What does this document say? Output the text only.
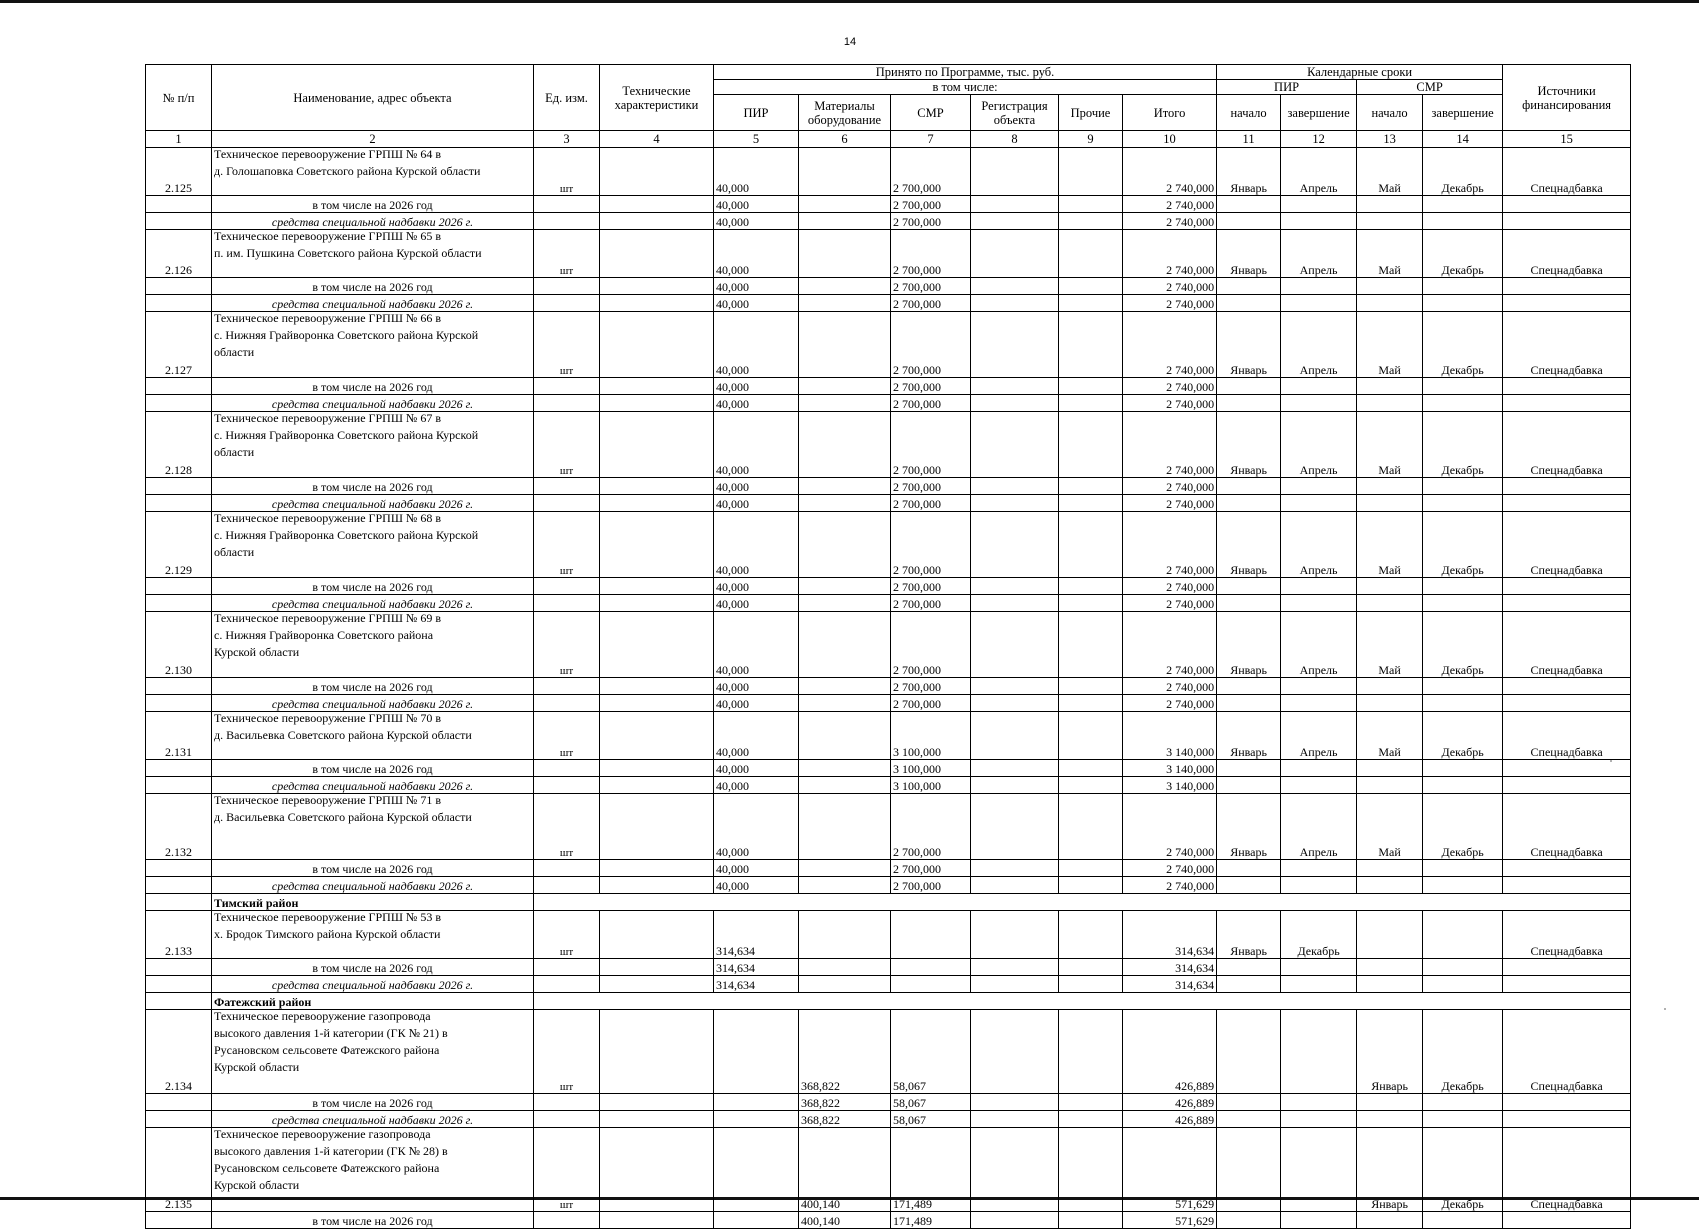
14
№ п/п	Наименование, адрес объекта	Ед. изм.	Технические характеристики	Принято по Программе, тыс. руб.						Календарные сроки				Источники финансирования
				в том числе:						ПИР		СМР		
				ПИР	Материалы оборудование	СМР	Регистрация объекта	Прочие	Итого	начало	завершение	начало	завершение	

1	2	3	4	5	6	7	8	9	10	11	12	13	14	15
2.125	Техническое перевооружение ГРПШ № 64 в
д. Голошаповка Советского района Курской области	шт		40,000		2 700,000			2 740,000	Январь	Апрель	Май	Декабрь	Спецнадбавка
	в том числе на 2026 год			40,000		2 700,000			2 740,000					
	средства специальной надбавки 2026 г.			40,000		2 700,000			2 740,000					
2.126	Техническое перевооружение ГРПШ № 65 в
п. им. Пушкина Советского района Курской области	шт		40,000		2 700,000			2 740,000	Январь	Апрель	Май	Декабрь	Спецнадбавка
	в том числе на 2026 год			40,000		2 700,000			2 740,000					
	средства специальной надбавки 2026 г.			40,000		2 700,000			2 740,000					
2.127	Техническое перевооружение ГРПШ № 66 в
с. Нижняя Грайворонка Советского района Курской
области	шт		40,000		2 700,000			2 740,000	Январь	Апрель	Май	Декабрь	Спецнадбавка
	в том числе на 2026 год			40,000		2 700,000			2 740,000					
	средства специальной надбавки 2026 г.			40,000		2 700,000			2 740,000					
2.128	Техническое перевооружение ГРПШ № 67 в
с. Нижняя Грайворонка Советского района Курской
области	шт		40,000		2 700,000			2 740,000	Январь	Апрель	Май	Декабрь	Спецнадбавка
	в том числе на 2026 год			40,000		2 700,000			2 740,000					
	средства специальной надбавки 2026 г.			40,000		2 700,000			2 740,000					
2.129	Техническое перевооружение ГРПШ № 68 в
с. Нижняя Грайворонка Советского района Курской
области	шт		40,000		2 700,000			2 740,000	Январь	Апрель	Май	Декабрь	Спецнадбавка
	в том числе на 2026 год			40,000		2 700,000			2 740,000					
	средства специальной надбавки 2026 г.			40,000		2 700,000			2 740,000					
2.130	Техническое перевооружение ГРПШ № 69 в
с. Нижняя Грайворонка Советского района
Курской области	шт		40,000		2 700,000			2 740,000	Январь	Апрель	Май	Декабрь	Спецнадбавка
	в том числе на 2026 год			40,000		2 700,000			2 740,000					
	средства специальной надбавки 2026 г.			40,000		2 700,000			2 740,000					
2.131	Техническое перевооружение ГРПШ № 70 в
д. Васильевка Советского района Курской области	шт		40,000		3 100,000			3 140,000	Январь	Апрель	Май	Декабрь	Спецнадбавка
	в том числе на 2026 год			40,000		3 100,000			3 140,000					
	средства специальной надбавки 2026 г.			40,000		3 100,000			3 140,000					
2.132	Техническое перевооружение ГРПШ № 71 в
д. Васильевка Советского района Курской области	шт		40,000		2 700,000			2 740,000	Январь	Апрель	Май	Декабрь	Спецнадбавка
	в том числе на 2026 год			40,000		2 700,000			2 740,000					
	средства специальной надбавки 2026 г.			40,000		2 700,000			2 740,000					
	Тимский район													
2.133	Техническое перевооружение ГРПШ № 53 в
х. Бродок Тимского района Курской области	шт		314,634					314,634	Январь	Декабрь			Спецнадбавка
	в том числе на 2026 год			314,634					314,634					
	средства специальной надбавки 2026 г.			314,634					314,634					
	Фатежский район													
2.134	Техническое перевооружение газопровода
высокого давления 1-й категории (ГК № 21) в
Русановском сельсовете Фатежского района
Курской области	шт			368,822	58,067			426,889			Январь	Декабрь	Спецнадбавка
	в том числе на 2026 год				368,822	58,067			426,889					
	средства специальной надбавки 2026 г.				368,822	58,067			426,889					
2.135	Техническое перевооружение газопровода
высокого давления 1-й категории (ГК № 28) в
Русановском сельсовете Фатежского района
Курской области	шт			400,140	171,489			571,629			Январь	Декабрь	Спецнадбавка
	в том числе на 2026 год				400,140	171,489			571,629					
